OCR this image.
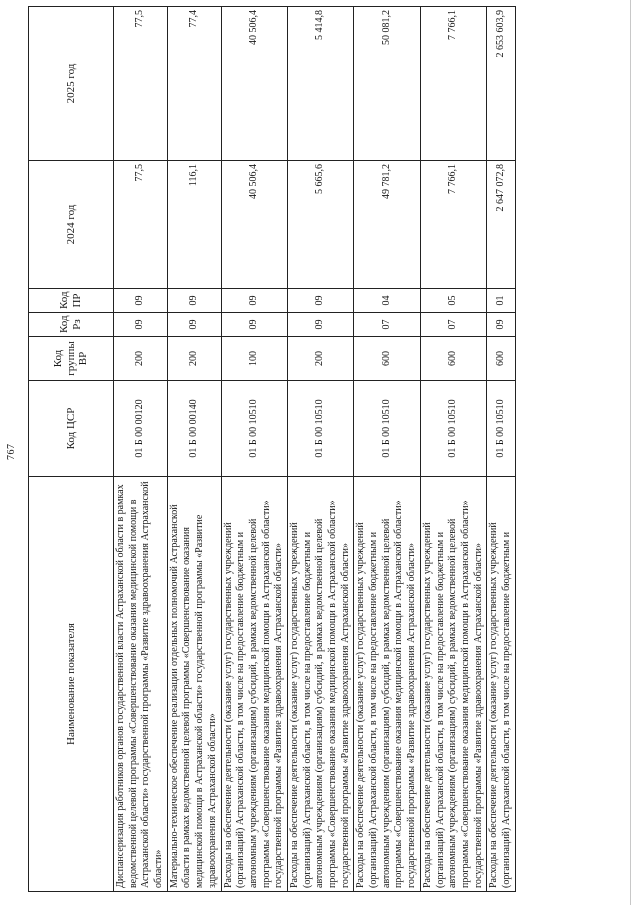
767
Наименование показателя	Код ЦСР	Код группы ВР	Код Рз	Код ПР	2024 год	2025 год
Диспансеризация работников органов государственной власти Астраханской области в рамках ведомственной целевой программы «Совершенствование оказания медицинской помощи в Астраханской области» государственной программы «Развитие здравоохранения Астраханской области»	01 Б 00 00120	200	09	09	77,5	77,5
Материально-техническое обеспечение реализации отдельных полномочий Астраханской области в рамках ведомственной целевой программы «Совершенствование оказания медицинской помощи в Астраханской области» государственной программы «Развитие здравоохранения Астраханской области»	01 Б 00 00140	200	09	09	116,1	77,4
Расходы на обеспечение деятельности (оказание услуг) государственных учреждений (организаций) Астраханской области, в том числе на предоставление бюджетным и автономным учреждениям (организациям) субсидий, в рамках ведомственной целевой программы «Совершенствование оказания медицинской помощи в Астраханской области» государственной программы «Развитие здравоохранения Астраханской области»	01 Б 00 10510	100	09	09	40 506,4	40 506,4
Расходы на обеспечение деятельности (оказание услуг) государственных учреждений (организаций) Астраханской области, в том числе на предоставление бюджетным и автономным учреждениям (организациям) субсидий, в рамках ведомственной целевой программы «Совершенствование оказания медицинской помощи в Астраханской области» государственной программы «Развитие здравоохранения Астраханской области»	01 Б 00 10510	200	09	09	5 665,6	5 414,8
Расходы на обеспечение деятельности (оказание услуг) государственных учреждений (организаций) Астраханской области, в том числе на предоставление бюджетным и автономным учреждениям (организациям) субсидий, в рамках ведомственной целевой программы «Совершенствование оказания медицинской помощи в Астраханской области» государственной программы «Развитие здравоохранения Астраханской области»	01 Б 00 10510	600	07	04	49 781,2	50 081,2
Расходы на обеспечение деятельности (оказание услуг) государственных учреждений (организаций) Астраханской области, в том числе на предоставление бюджетным и автономным учреждениям (организациям) субсидий, в рамках ведомственной целевой программы «Совершенствование оказания медицинской помощи в Астраханской области» государственной программы «Развитие здравоохранения Астраханской области»	01 Б 00 10510	600	07	05	7 766,1	7 766,1
Расходы на обеспечение деятельности (оказание услуг) государственных учреждений (организаций) Астраханской области, в том числе на предоставление бюджетным и	01 Б 00 10510	600	09	01	2 647 072,8	2 653 603,9
